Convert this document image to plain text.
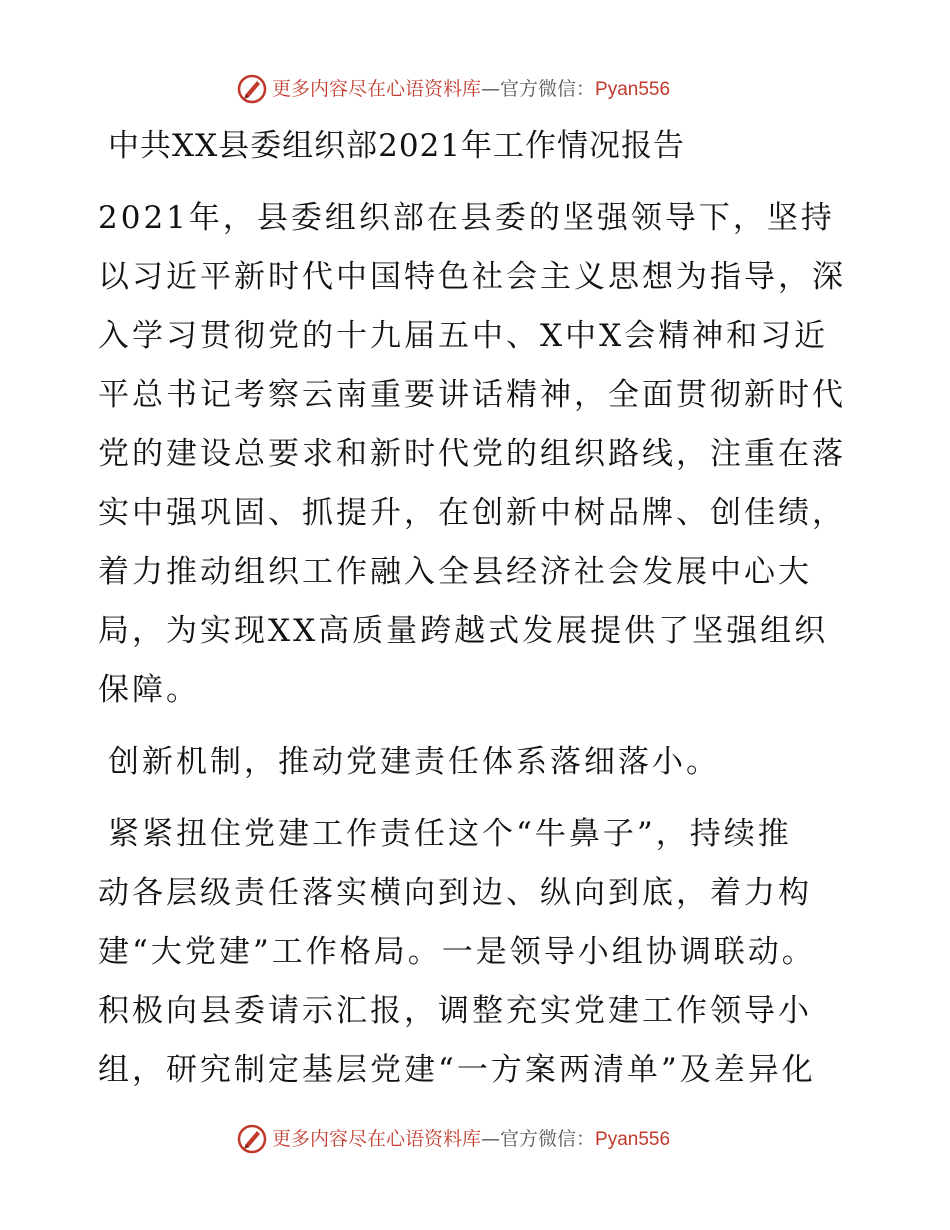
更多内容尽在心语资料库—官方微信：Pyan556
中共XX县委组织部2021年工作情况报告
2021年，县委组织部在县委的坚强领导下，坚持
以习近平新时代中国特色社会主义思想为指导，深
入学习贯彻党的十九届五中、X中X会精神和习近
平总书记考察云南重要讲话精神，全面贯彻新时代
党的建设总要求和新时代党的组织路线，注重在落
实中强巩固、抓提升，在创新中树品牌、创佳绩，
着力推动组织工作融入全县经济社会发展中心大
局，为实现XX高质量跨越式发展提供了坚强组织
保障。
创新机制，推动党建责任体系落细落小。
紧紧扭住党建工作责任这个“牛鼻子”，持续推
动各层级责任落实横向到边、纵向到底，着力构
建“大党建”工作格局。一是领导小组协调联动。
积极向县委请示汇报，调整充实党建工作领导小
组，研究制定基层党建“一方案两清单”及差异化
更多内容尽在心语资料库—官方微信：Pyan556
